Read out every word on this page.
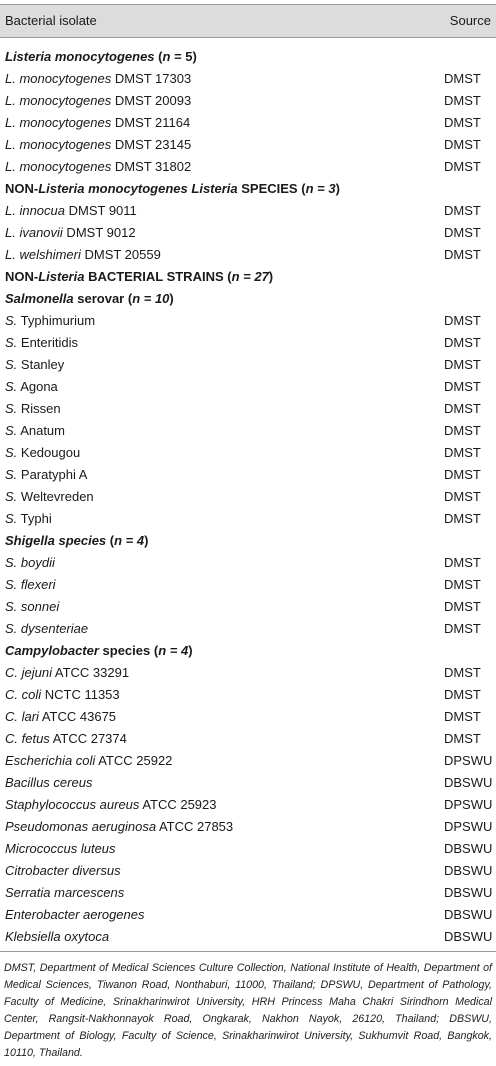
Bacterial isolate	Source
Listeria monocytogenes (n = 5)
L. monocytogenes DMST 17303	DMST
L. monocytogenes DMST 20093	DMST
L. monocytogenes DMST 21164	DMST
L. monocytogenes DMST 23145	DMST
L. monocytogenes DMST 31802	DMST
NON-Listeria monocytogenes Listeria SPECIES (n = 3)
L. innocua DMST 9011	DMST
L. ivanovii DMST 9012	DMST
L. welshimeri DMST 20559	DMST
NON-Listeria BACTERIAL STRAINS (n = 27)
Salmonella serovar (n = 10)
S. Typhimurium	DMST
S. Enteritidis	DMST
S. Stanley	DMST
S. Agona	DMST
S. Rissen	DMST
S. Anatum	DMST
S. Kedougou	DMST
S. Paratyphi A	DMST
S. Weltevreden	DMST
S. Typhi	DMST
Shigella species (n = 4)
S. boydii	DMST
S. flexeri	DMST
S. sonnei	DMST
S. dysenteriae	DMST
Campylobacter species (n = 4)
C. jejuni ATCC 33291	DMST
C. coli NCTC 11353	DMST
C. lari ATCC 43675	DMST
C. fetus ATCC 27374	DMST
Escherichia coli ATCC 25922	DPSWU
Bacillus cereus	DBSWU
Staphylococcus aureus ATCC 25923	DPSWU
Pseudomonas aeruginosa ATCC 27853	DPSWU
Micrococcus luteus	DBSWU
Citrobacter diversus	DBSWU
Serratia marcescens	DBSWU
Enterobacter aerogenes	DBSWU
Klebsiella oxytoca	DBSWU
DMST, Department of Medical Sciences Culture Collection, National Institute of Health, Department of Medical Sciences, Tiwanon Road, Nonthaburi, 11000, Thailand; DPSWU, Department of Pathology, Faculty of Medicine, Srinakharinwirot University, HRH Princess Maha Chakri Sirindhorn Medical Center, Rangsit-Nakhonnayok Road, Ongkarak, Nakhon Nayok, 26120, Thailand; DBSWU, Department of Biology, Faculty of Science, Srinakharinwirot University, Sukhumvit Road, Bangkok, 10110, Thailand.
